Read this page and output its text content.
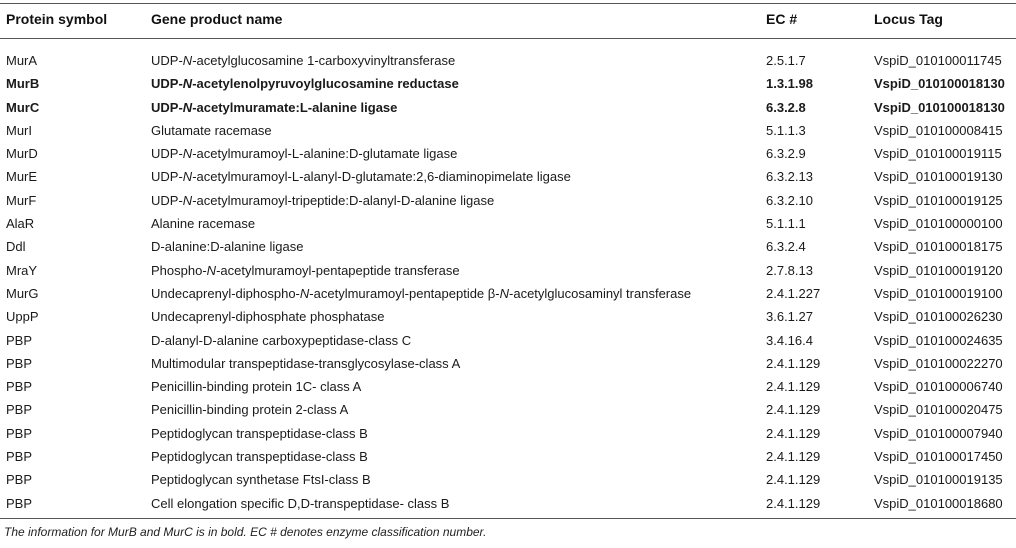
Protein symbol	Gene product name	EC #	Locus Tag
MurA	UDP-N-acetylglucosamine 1-carboxyvinyltransferase	2.5.1.7	VspiD_010100011745
MurB	UDP-N-acetylenolpyruvoylglucosamine reductase	1.3.1.98	VspiD_010100018130
MurC	UDP-N-acetylmuramate:L-alanine ligase	6.3.2.8	VspiD_010100018130
MurI	Glutamate racemase	5.1.1.3	VspiD_010100008415
MurD	UDP-N-acetylmuramoyl-L-alanine:D-glutamate ligase	6.3.2.9	VspiD_010100019115
MurE	UDP-N-acetylmuramoyl-L-alanyl-D-glutamate:2,6-diaminopimelate ligase	6.3.2.13	VspiD_010100019130
MurF	UDP-N-acetylmuramoyl-tripeptide:D-alanyl-D-alanine ligase	6.3.2.10	VspiD_010100019125
AlaR	Alanine racemase	5.1.1.1	VspiD_010100000100
Ddl	D-alanine:D-alanine ligase	6.3.2.4	VspiD_010100018175
MraY	Phospho-N-acetylmuramoyl-pentapeptide transferase	2.7.8.13	VspiD_010100019120
MurG	Undecaprenyl-diphospho-N-acetylmuramoyl-pentapeptide β-N-acetylglucosaminyl transferase	2.4.1.227	VspiD_010100019100
UppP	Undecaprenyl-diphosphate phosphatase	3.6.1.27	VspiD_010100026230
PBP	D-alanyl-D-alanine carboxypeptidase-class C	3.4.16.4	VspiD_010100024635
PBP	Multimodular transpeptidase-transglycosylase-class A	2.4.1.129	VspiD_010100022270
PBP	Penicillin-binding protein 1C- class A	2.4.1.129	VspiD_010100006740
PBP	Penicillin-binding protein 2-class A	2.4.1.129	VspiD_010100020475
PBP	Peptidoglycan transpeptidase-class B	2.4.1.129	VspiD_010100007940
PBP	Peptidoglycan transpeptidase-class B	2.4.1.129	VspiD_010100017450
PBP	Peptidoglycan synthetase FtsI-class B	2.4.1.129	VspiD_010100019135
PBP	Cell elongation specific D,D-transpeptidase- class B	2.4.1.129	VspiD_010100018680
The information for MurB and MurC is in bold. EC # denotes enzyme classification number.
